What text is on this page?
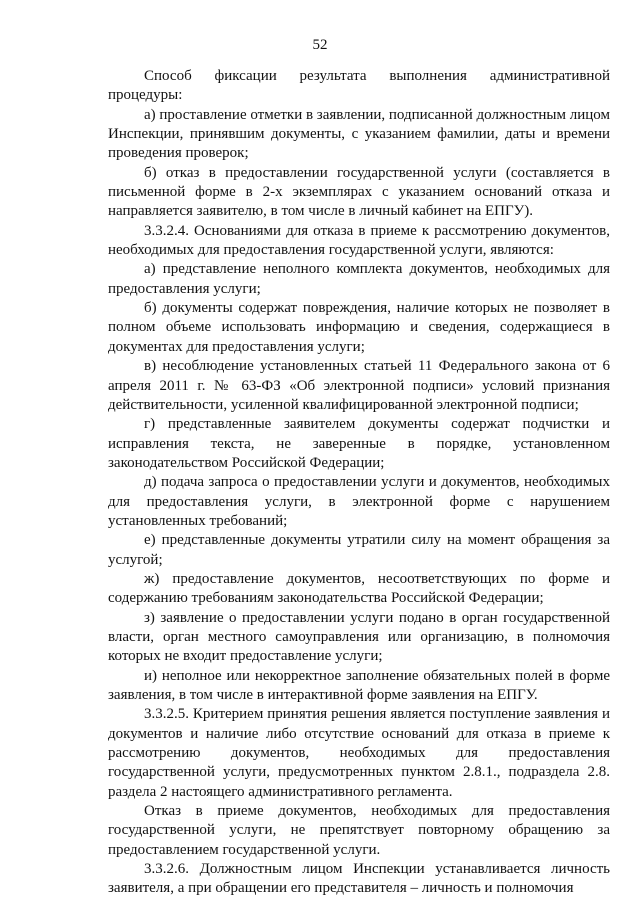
52

Способ фиксации результата выполнения административной процедуры:

а) проставление отметки в заявлении, подписанной должностным лицом Инспекции, принявшим документы, с указанием фамилии, даты и времени проведения проверок;

б) отказ в предоставлении государственной услуги (составляется в письменной форме в 2-х экземплярах с указанием оснований отказа и направляется заявителю, в том числе в личный кабинет на ЕПГУ).

3.3.2.4. Основаниями для отказа в приеме к рассмотрению документов, необходимых для предоставления государственной услуги, являются:

а) представление неполного комплекта документов, необходимых для предоставления услуги;

б) документы содержат повреждения, наличие которых не позволяет в полном объеме использовать информацию и сведения, содержащиеся в документах для предоставления услуги;

в) несоблюдение установленных статьей 11 Федерального закона от 6 апреля 2011 г. № 63-ФЗ «Об электронной подписи» условий признания действительности, усиленной квалифицированной электронной подписи;

г) представленные заявителем документы содержат подчистки и исправления текста, не заверенные в порядке, установленном законодательством Российской Федерации;

д) подача запроса о предоставлении услуги и документов, необходимых для предоставления услуги, в электронной форме с нарушением установленных требований;

е) представленные документы утратили силу на момент обращения за услугой;

ж) предоставление документов, несоответствующих по форме и содержанию требованиям законодательства Российской Федерации;

з) заявление о предоставлении услуги подано в орган государственной власти, орган местного самоуправления или организацию, в полномочия которых не входит предоставление услуги;

и) неполное или некорректное заполнение обязательных полей в форме заявления, в том числе в интерактивной форме заявления на ЕПГУ.

3.3.2.5. Критерием принятия решения является поступление заявления и документов и наличие либо отсутствие оснований для отказа в приеме к рассмотрению документов, необходимых для предоставления государственной услуги, предусмотренных пунктом 2.8.1., подраздела 2.8. раздела 2 настоящего административного регламента.

Отказ в приеме документов, необходимых для предоставления государственной услуги, не препятствует повторному обращению за предоставлением государственной услуги.

3.3.2.6. Должностным лицом Инспекции устанавливается личность заявителя, а при обращении его представителя – личность и полномочия
